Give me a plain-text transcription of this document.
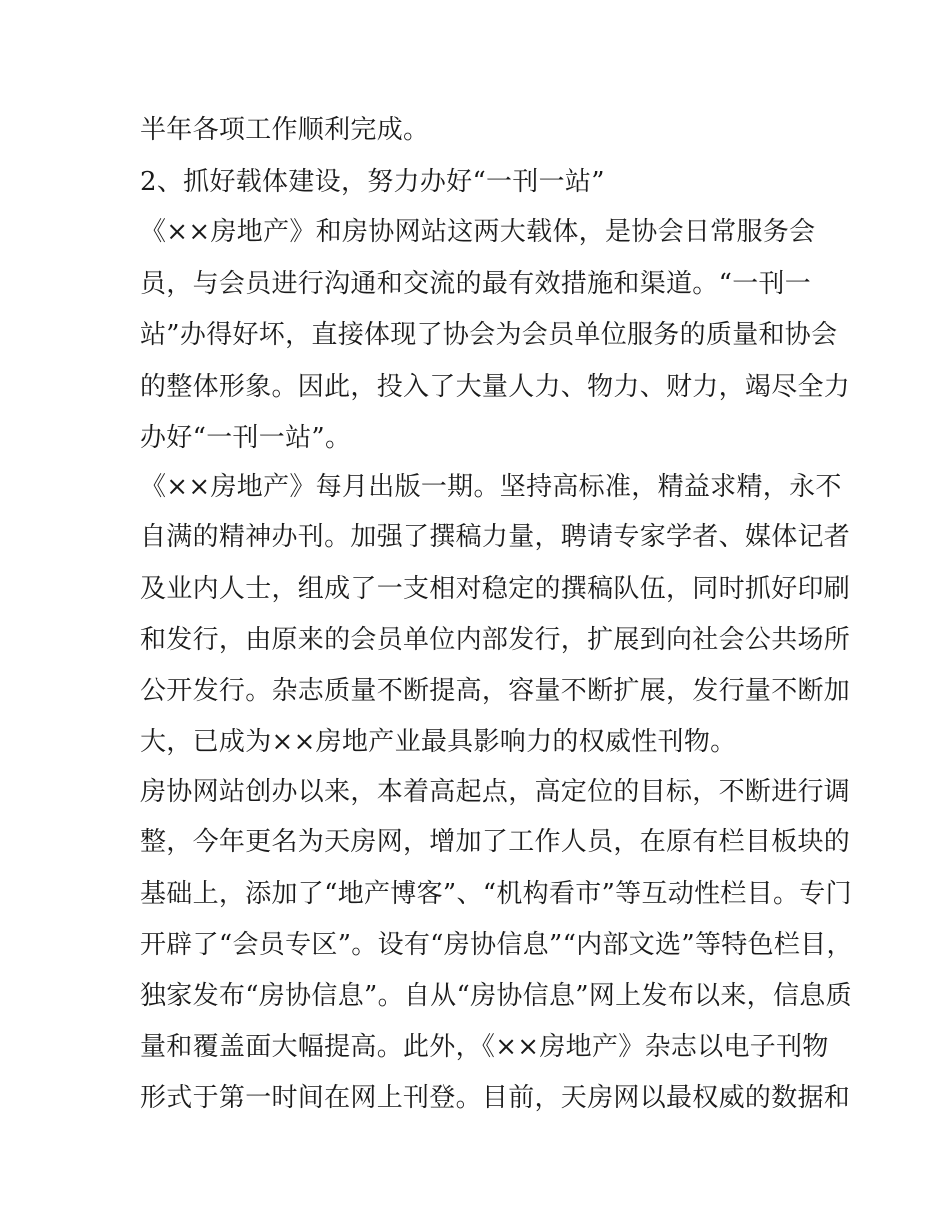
半年各项工作顺利完成。

2、抓好载体建设，努力办好“一刊一站”

《××房地产》和房协网站这两大载体，是协会日常服务会

员，与会员进行沟通和交流的最有效措施和渠道。“一刊一

站”办得好坏，直接体现了协会为会员单位服务的质量和协会

的整体形象。因此，投入了大量人力、物力、财力，竭尽全力

办好“一刊一站”。

《××房地产》每月出版一期。坚持高标准，精益求精，永不

自满的精神办刊。加强了撰稿力量，聘请专家学者、媒体记者

及业内人士，组成了一支相对稳定的撰稿队伍，同时抓好印刷

和发行，由原来的会员单位内部发行，扩展到向社会公共场所

公开发行。杂志质量不断提高，容量不断扩展，发行量不断加

大，已成为××房地产业最具影响力的权威性刊物。

房协网站创办以来，本着高起点，高定位的目标，不断进行调

整，今年更名为天房网，增加了工作人员，在原有栏目板块的

基础上，添加了“地产博客”、“机构看市”等互动性栏目。专门

开辟了“会员专区”。设有“房协信息”“内部文选”等特色栏目，

独家发布“房协信息”。自从“房协信息”网上发布以来，信息质

量和覆盖面大幅提高。此外，《××房地产》杂志以电子刊物

形式于第一时间在网上刊登。目前，天房网以最权威的数据和
